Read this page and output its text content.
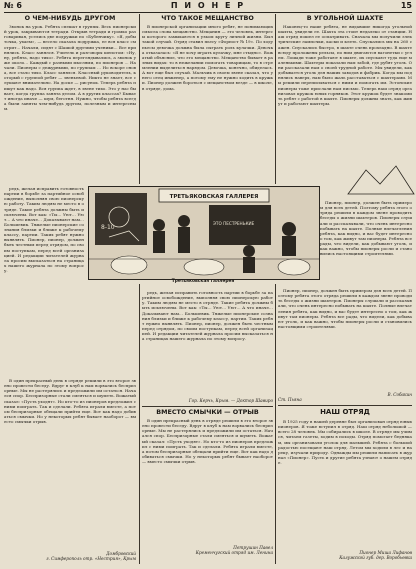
№ 6	П И О Н Е Р	15
О ЧЕМ-НИБУДЬ ДРУГОМ

Звонок на урок. Ребята спешат в группы. Весь пионерский урок, закрываются тетради. Открыв тетради и громко разговаривая, уселись две подружки по «Бубенчику». «Я, добыточка, ухаем», — весело сказала подружка, ее вся класс смотрит… Начали, сидят с Шашой другими ученики... Все принялись. Класс занялся. Учитель и разговоры шепотом: «Ну, ну, ребята, надо тихо». Ребята переглядывались, а звонок уже около… Каждый с разными мыслями, по пионеров … Начали. Пионеры с дежурными, по группам … Но вскоре снова, все стало тихо. Класс занялся. Классный руководитель, который с группой ребят — звеньевой. Никто не знает, все слушают внимательно. На доске — рисунок. Теперь ребята пишут как надо. Вся группа ждет, в звене тихо. Это у нас бывает, когда группа занята делом. А в других классах? Бывает иногда иначе — шум, беготня. Нужно, чтобы ребята всегда были заняты чем-нибудь другим, полезным и интересным.

редь, желая исправить готовность партии в борьбе за партийное освобождение, выполняя свою пионерскую работу. Таким людям не место в отряде. Такие ребята должны быть исключены. Вот как: «Ты… Уют… Уют… А что иначе… Доказывают нам… Большевик. Тяжелые пионерские сознания близки и ближе к рабочему классу, партии. Таких ребят нужно выявлять. Пионер, пионер, должен быть честным перед отрядом, по своим поступкам, перед всей организацией. И редакции читателей журнала просим высказаться на страницах нашего журнала по этому вопросу.

В один прекрасный день в отряде решили в это второе звено провести беседу. Вдруг в клуб к нам ворвались беспризорные. Мы не растерялись и предложили им остаться. Начался спор. Беспризорные стали смеяться и шуметь. Вожатый сказал: «Пусть уходят». Но кто-то из пионеров предложил с ними поиграть. Так и сделали. Ребята играли вместе, а потом беспризорные обещали прийти еще. Вот как надо добиваться смычки. Но у некоторых ребят бывает наоборот — вместо смычки отрыв.

Домбровский
г. Симферополь отр. «Нестрия», Крым
ЧТО ТАКОЕ МЕЩАНСТВО

В пионерской организации много ребят, не понимающих смысла слова мещанство. Мещанин — это человек, интересы которого замыкаются в узком кругу личной жизни. Был такой случай. Отряд ставил пьесу «Форпост № 19». По ходу пьесы девочка должна была сыграть роль кулачки. Девочка отказалась: «Я не хочу играть кулачку, мне стыдно». Вожатый объяснил, что это мещанство. Мещанство бывает в разных видах: то в нежелании помогать товарищам, то в стремлении выделиться нарядом. Девочка, конечно, обиделась. А вот еще был случай. Мальчик в своем звене сказал, что у него отец инженер, а потому ему не нужно ходить в кружки. Пионер должен бороться с мещанством везде — в школе, в отряде, дома.

В УГОЛЬНОЙ ШАХТЕ

Наконец-то наше ребята, не видавшие никогда угольной шахты, увидели ее. Шахта эта стоит недалеко от станции. Наш отряд пошел ее осматривать. Сначала мы получили электрические лампочки, каски и клеть. Спускались мы на 260 сажен. Спускались быстро, в шахте очень прохладно. В шахте всюду проложены рельсы, по ним двигаются вагонетки с углем. Лошади тоже работают в шахте, их спускают туда еще маленькими. Шахтеры показали нам забой, где рубят уголь. Они рассказали нам о своей трудной работе. Мы увидели, как добывается уголь для наших заводов и фабрик. Когда мы поднялись наверх, нам было жаль расставаться с шахтерами. Мы решили переписываться с ними и помогать им. Эстонские пионеры тоже прислали нам письмо. Теперь наш отряд организовал кружок юных горняков. Этот кружок будет знакомить ребят с работой в шахте. Пионеры должны знать, как живут и работают шахтеры.

Пионер, пионер, должен быть примером для всех детей. Поэтому ребята этого отряда решили в каждом звене проводить беседы о жизни шахтеров. Пионеры слушали и рассказывали, что очень интересно побывать на шахте. Полные впечатления ребята, как видно, и вас будет интересно о том, как живут там пионеры. Ребята все рады, что видели, как добывают уголь, и как важно, чтобы пионеры росли и становились настоящими строителями.

ТРЕТЬЯКОВСКАЯ ГАЛЛЕРЕЯ
8-10
ЭТО ПЕСТРЕНЬКИЕ
Третьяковская галлерея

редь, желая исправить готовность партии в борьбе за партийное освобождение, выполняя свою пионерскую работу. Таким людям не место в отряде. Такие ребята должны быть исключены. Вот как: «Ты… Уют… Уют… А что иначе… Доказывают нам… Большевик. Тяжелые пионерские сознания близки и ближе к рабочему классу, партии. Таких ребят нужно выявлять. Пионер, пионер, должен быть честным перед отрядом, по своим поступкам, перед всей организацией. И редакции читателей журнала просим высказаться на страницах нашего журнала по этому вопросу.

Гор. Керчь, Крым. — Доктор Шавиро
ВМЕСТО СМЫЧКИ — ОТРЫВ

В один прекрасный день в отряде решили в это второе звено провести беседу. Вдруг в клуб к нам ворвались беспризорные. Мы не растерялись и предложили им остаться. Начался спор. Беспризорные стали смеяться и шуметь. Вожатый сказал: «Пусть уходят». Но кто-то из пионеров предложил с ними поиграть. Так и сделали. Ребята играли вместе, а потом беспризорные обещали прийти еще. Вот как надо добиваться смычки. Но у некоторых ребят бывает наоборот — вместо смычки отрыв.

Петрушин Павел
Кременчугский отряд им. Ленина

Пионер, пионер, должен быть примером для всех детей. Поэтому ребята этого отряда решили в каждом звене проводить беседы о жизни шахтеров. Пионеры слушали и рассказывали, что очень интересно побывать на шахте. Полные впечатления ребята, как видно, и вас будет интересно о том, как живут там пионеры. Ребята все рады, что видели, как добывают уголь, и как важно, чтобы пионеры росли и становились настоящими строителями.

В. Собакин
Ст. Пьяна
НАШ ОТРЯД

В 1925 году в нашей деревне был организован отряд юных пионеров. Я тоже вступил в отряд. Наш отряд небольшой — всего 28 человек. Мы собирались в школе. В отряде мы учимся, читаем газеты, ходим в походы. Отряд помогает беднякам, мы организовали уголок для малышей. Ребята с большой радостью посещают наш отряд. Летом мы ходили в лес и на реку, изучали природу. Однажды мы решили написать в журнал «Пионер». Пусть и другие ребята узнают о нашем отряде.

Пионер Миша Лифанов
Калужской губ. дер. Воробьевка
